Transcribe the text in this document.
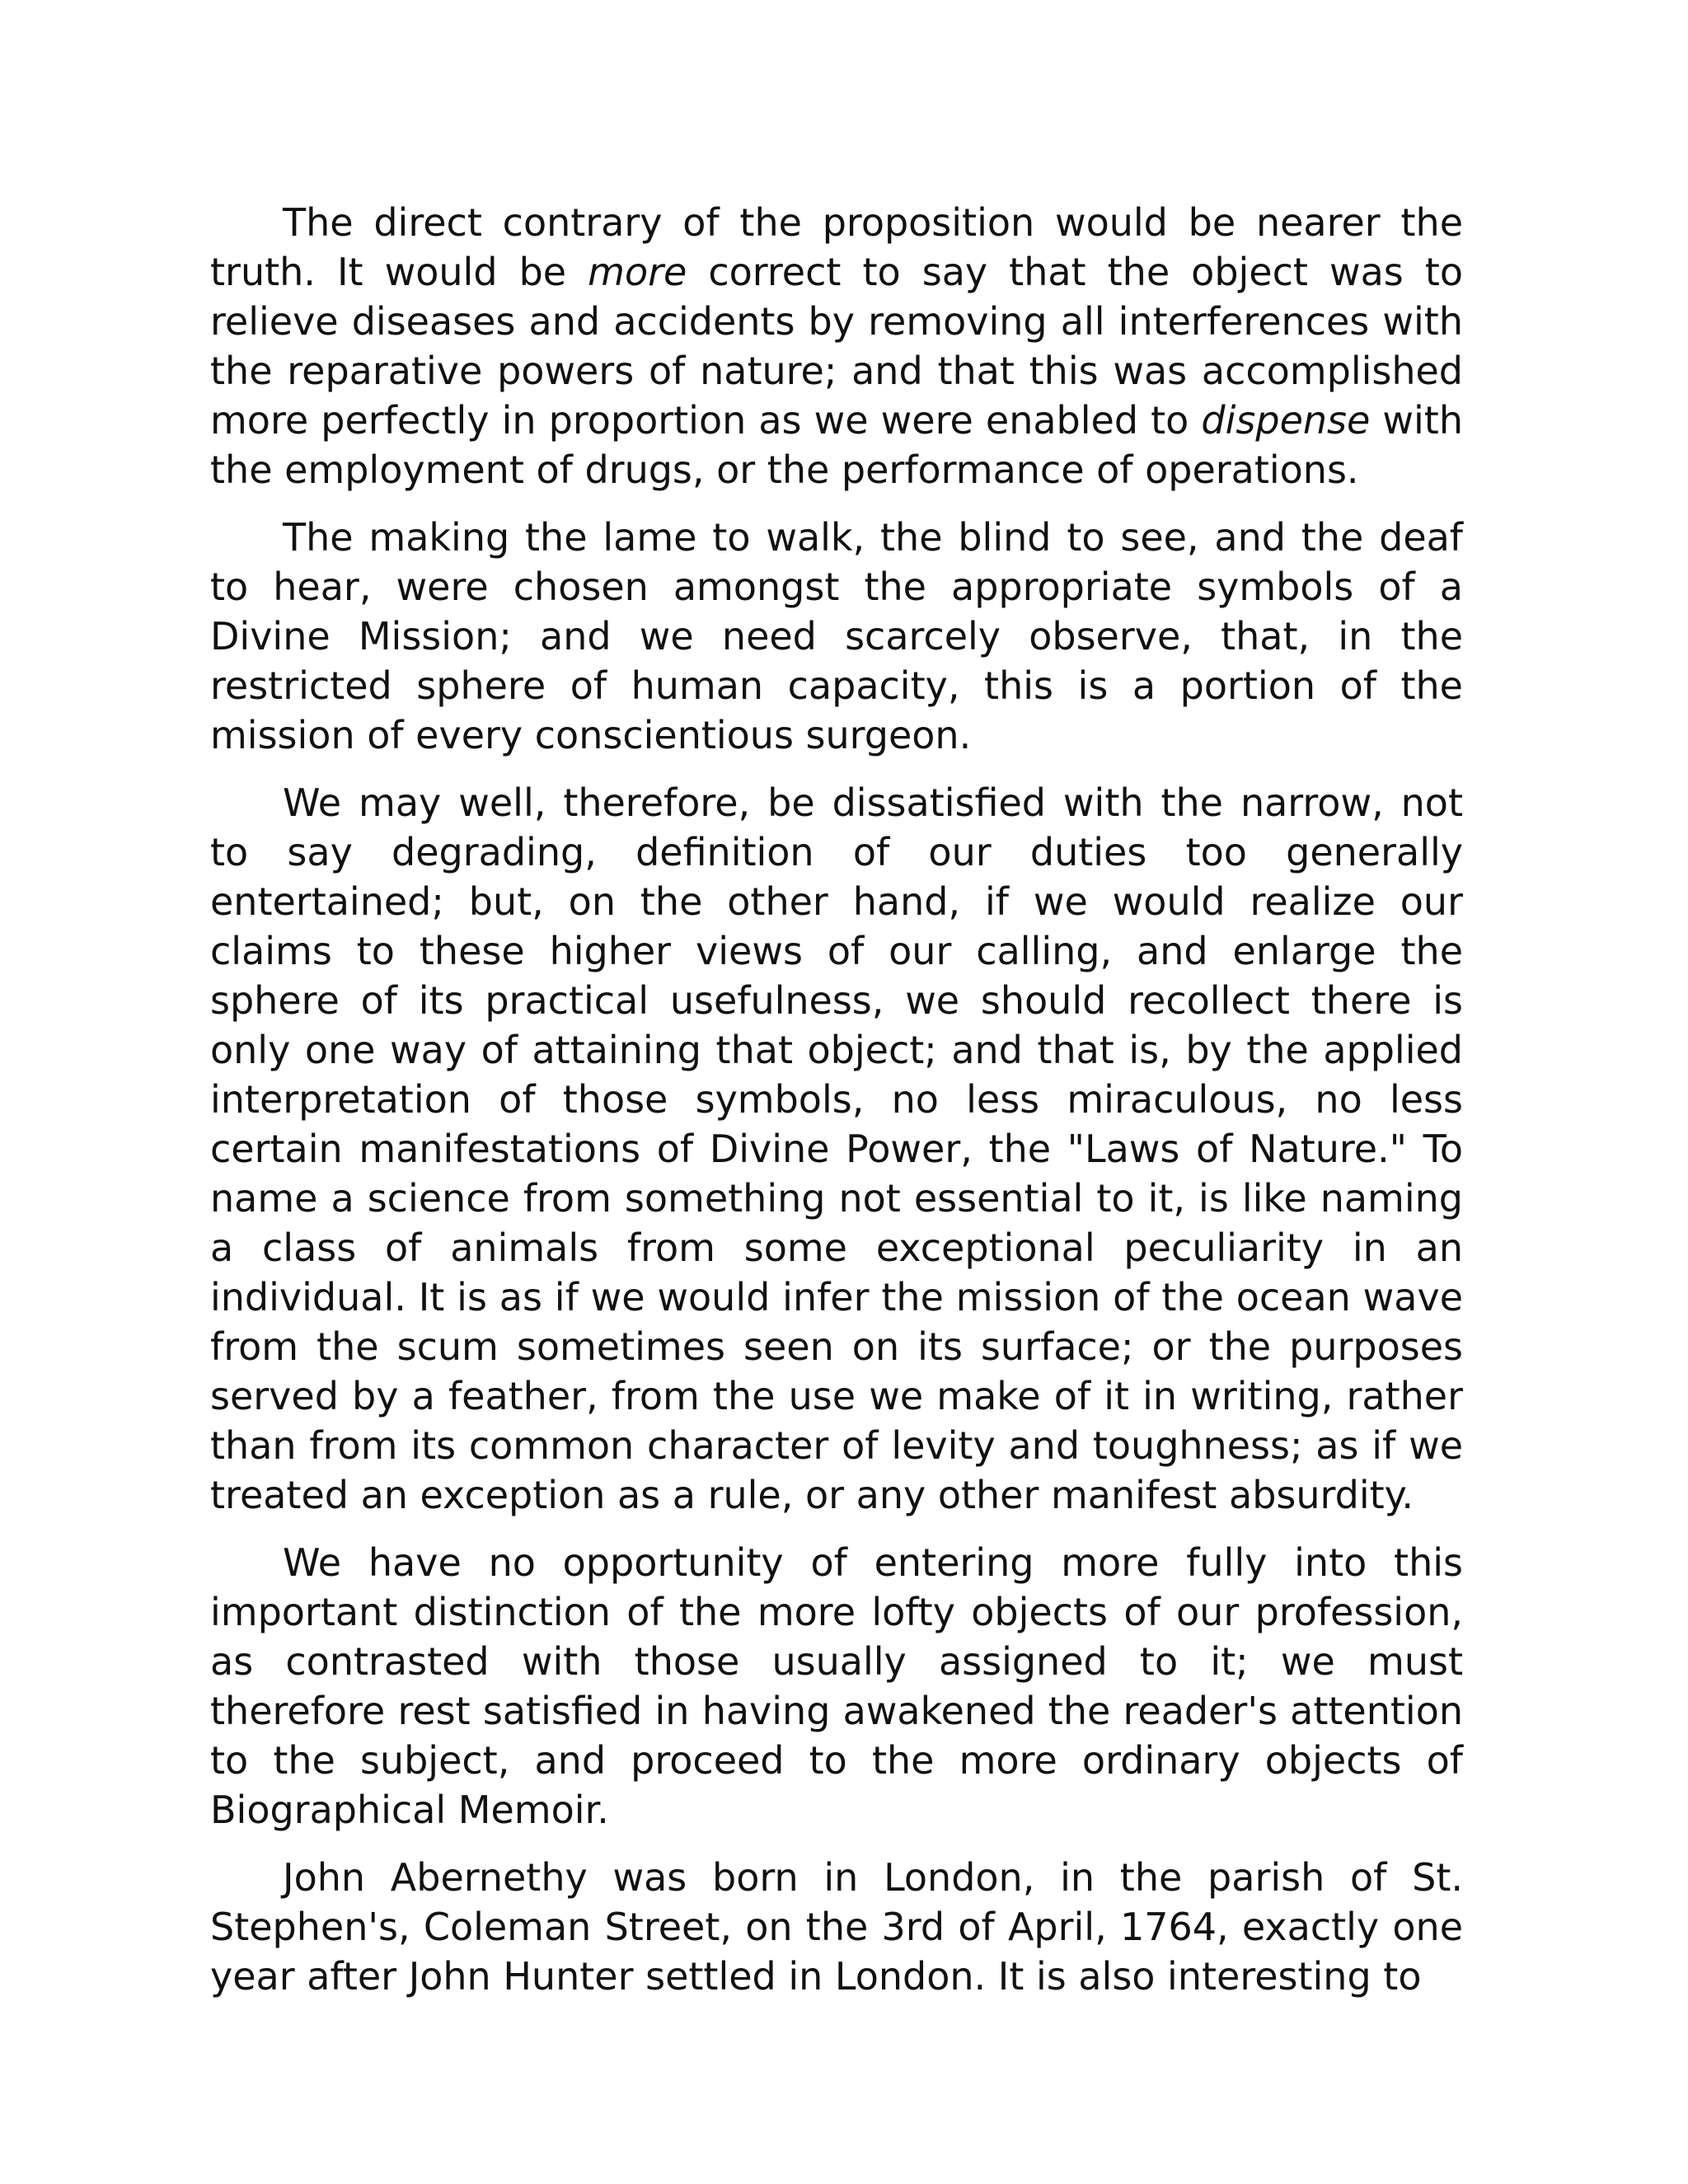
The direct contrary of the proposition would be nearer the truth. It would be more correct to say that the object was to relieve diseases and accidents by removing all interferences with the reparative powers of nature; and that this was accomplished more perfectly in proportion as we were enabled to dispense with the employment of drugs, or the performance of operations.

The making the lame to walk, the blind to see, and the deaf to hear, were chosen amongst the appropriate symbols of a Divine Mission; and we need scarcely observe, that, in the restricted sphere of human capacity, this is a portion of the mission of every conscientious surgeon.

We may well, therefore, be dissatisfied with the narrow, not to say degrading, definition of our duties too generally entertained; but, on the other hand, if we would realize our claims to these higher views of our calling, and enlarge the sphere of its practical usefulness, we should recollect there is only one way of attaining that object; and that is, by the applied interpretation of those symbols, no less miraculous, no less certain manifestations of Divine Power, the "Laws of Nature." To name a science from something not essential to it, is like naming a class of animals from some exceptional peculiarity in an individual. It is as if we would infer the mission of the ocean wave from the scum sometimes seen on its surface; or the purposes served by a feather, from the use we make of it in writing, rather than from its common character of levity and toughness; as if we treated an exception as a rule, or any other manifest absurdity.

We have no opportunity of entering more fully into this important distinction of the more lofty objects of our profession, as contrasted with those usually assigned to it; we must therefore rest satisfied in having awakened the reader's attention to the subject, and proceed to the more ordinary objects of Biographical Memoir.

John Abernethy was born in London, in the parish of St. Stephen's, Coleman Street, on the 3rd of April, 1764, exactly one year after John Hunter settled in London. It is also interesting to
